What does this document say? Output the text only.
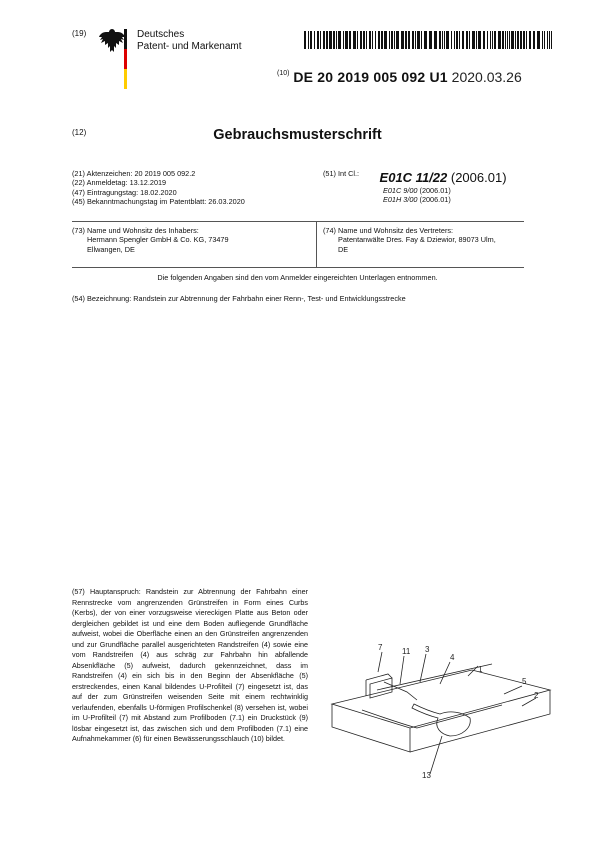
(19)	Deutsches
Patent- und Markenamt
$^{(10)}$ DE 20 2019 005 092 U1 2020.03.26
(12)	Gebrauchsmusterschrift
(21) Aktenzeichen: 20 2019 005 092.2
(22) Anmeldetag: 13.12.2019
(47) Eintragungstag: 18.02.2020
(45) Bekanntmachungstag im Patentblatt: 26.03.2020
$^{(51) Int Cl.:}$ E01C 11/22 (2006.01)
E01C 9/00 (2006.01)
E01H 3/00 (2006.01)
(73) Name und Wohnsitz des Inhabers:
Hermann Spengler GmbH & Co. KG, 73479
Ellwangen, DE
(74) Name und Wohnsitz des Vertreters:
Patentanwälte Dres. Fay & Dziewior, 89073 Ulm,
DE
Die folgenden Angaben sind den vom Anmelder eingereichten Unterlagen entnommen.
(54) Bezeichnung: Randstein zur Abtrennung der Fahrbahn einer Renn-, Test- und Entwicklungsstrecke
(57) Hauptanspruch: Randstein zur Abtrennung der Fahrbahn einer Rennstrecke vom angrenzenden Grünstreifen in Form eines Curbs (Kerbs), der von einer vorzugsweise viereckigen Platte aus Beton oder dergleichen gebildet ist und eine dem Boden aufliegende Grundfläche aufweist, wobei die Oberfläche einen an den Grünstreifen angrenzenden und zur Grundfläche parallel ausgerichteten Randstreifen (4) sowie eine vom Randstreifen (4) aus schräg zur Fahrbahn hin abfallende Absenkfläche (5) aufweist, dadurch gekennzeichnet, dass im Randstreifen (4) ein sich bis in den Beginn der Absenkfläche (5) erstreckendes, einen Kanal bildendes U-Profilteil (7) eingesetzt ist, das auf der zum Grünstreifen weisenden Seite mit einem rechtwinklig verlaufenden, ebenfalls U-förmigen Profilschenkel (8) versehen ist, wobei im U-Profilteil (7) mit Abstand zum Profilboden (7.1) ein Druckstück (9) lösbar eingesetzt ist, das zwischen sich und dem Profilboden (7.1) eine Aufnahmekammer (6) für einen Bewässerungsschlauch (10) bildet.
7 11 3
4
1
5
2
13
